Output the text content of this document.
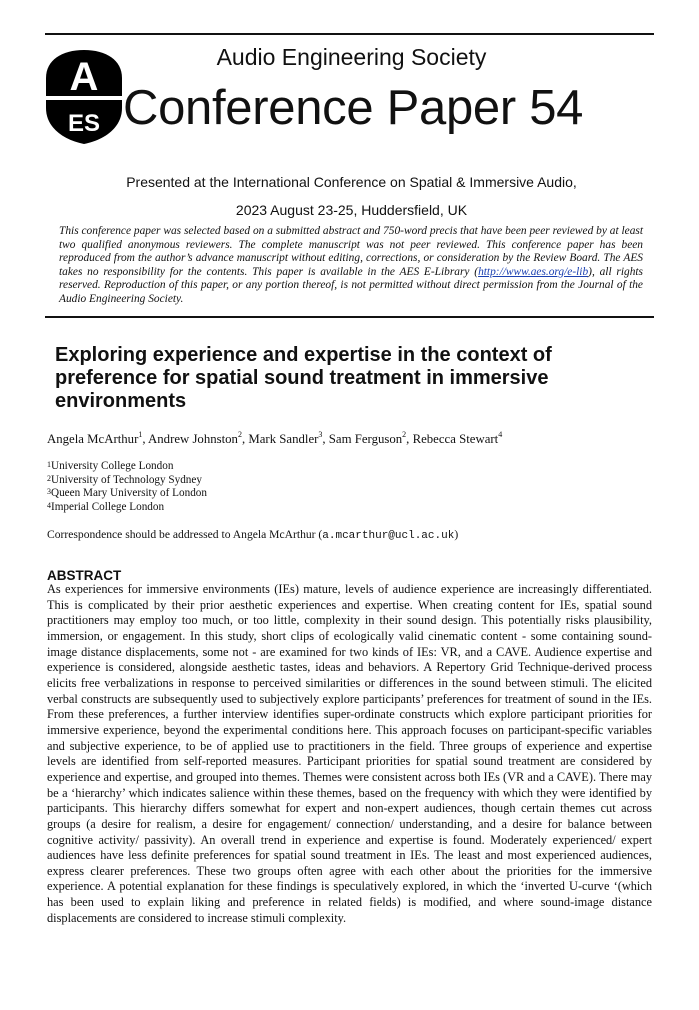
A
ES
Audio Engineering Society
Conference Paper 54
Presented at the International Conference on Spatial & Immersive Audio,
2023 August 23-25, Huddersfield, UK
This conference paper was selected based on a submitted abstract and 750-word precis that have been peer reviewed by at least two qualified anonymous reviewers. The complete manuscript was not peer reviewed. This conference paper has been reproduced from the author’s advance manuscript without editing, corrections, or consideration by the Review Board. The AES takes no responsibility for the contents. This paper is available in the AES E-Library (http://www.aes.org/e-lib), all rights reserved. Reproduction of this paper, or any portion thereof, is not permitted without direct permission from the Journal of the Audio Engineering Society.
Exploring experience and expertise in the context of preference for spatial sound treatment in immersive environments
Angela McArthur$^1$, Andrew Johnston$^2$, Mark Sandler$^3$, Sam Ferguson$^2$, Rebecca Stewart$^4$
$^1$University College London
$^2$University of Technology Sydney
$^3$Queen Mary University of London
$^4$Imperial College London
Correspondence should be addressed to Angela McArthur (a.mcarthur@ucl.ac.uk)
ABSTRACT
As experiences for immersive environments (IEs) mature, levels of audience experience are increasingly differentiated. This is complicated by their prior aesthetic experiences and expertise. When creating content for IEs, spatial sound practitioners may employ too much, or too little, complexity in their sound design. This potentially risks plausibility, immersion, or engagement. In this study, short clips of ecologically valid cinematic content - some containing sound-image distance displacements, some not - are examined for two kinds of IEs: VR, and a CAVE. Audience expertise and experience is considered, alongside aesthetic tastes, ideas and behaviors. A Repertory Grid Technique-derived process elicits free verbalizations in response to perceived similarities or differences in the sound between stimuli. The elicited verbal constructs are subsequently used to subjectively explore participants’ preferences for treatment of sound in the IEs. From these preferences, a further interview identifies super-ordinate constructs which explore participant priorities for immersive experience, beyond the experimental conditions here. This approach focuses on participant-specific variables and subjective experience, to be of applied use to practitioners in the field. Three groups of experience and expertise levels are identified from self-reported measures. Participant priorities for spatial sound treatment are considered by experience and expertise, and grouped into themes. Themes were consistent across both IEs (VR and a CAVE). There may be a ‘hierarchy’ which indicates salience within these themes, based on the frequency with which they were identified by participants. This hierarchy differs somewhat for expert and non-expert audiences, though certain themes cut across groups (a desire for realism, a desire for engagement/ connection/ understanding, and a desire for balance between cognitive activity/ passivity). An overall trend in experience and expertise is found. Moderately experienced/ expert audiences have less definite preferences for spatial sound treatment in IEs. The least and most experienced audiences, express clearer preferences. These two groups often agree with each other about the priorities for the immersive experience. A potential explanation for these findings is speculatively explored, in which the ‘inverted U-curve ‘(which has been used to explain liking and preference in related fields) is modified, and where sound-image distance displacements are considered to increase stimuli complexity.
